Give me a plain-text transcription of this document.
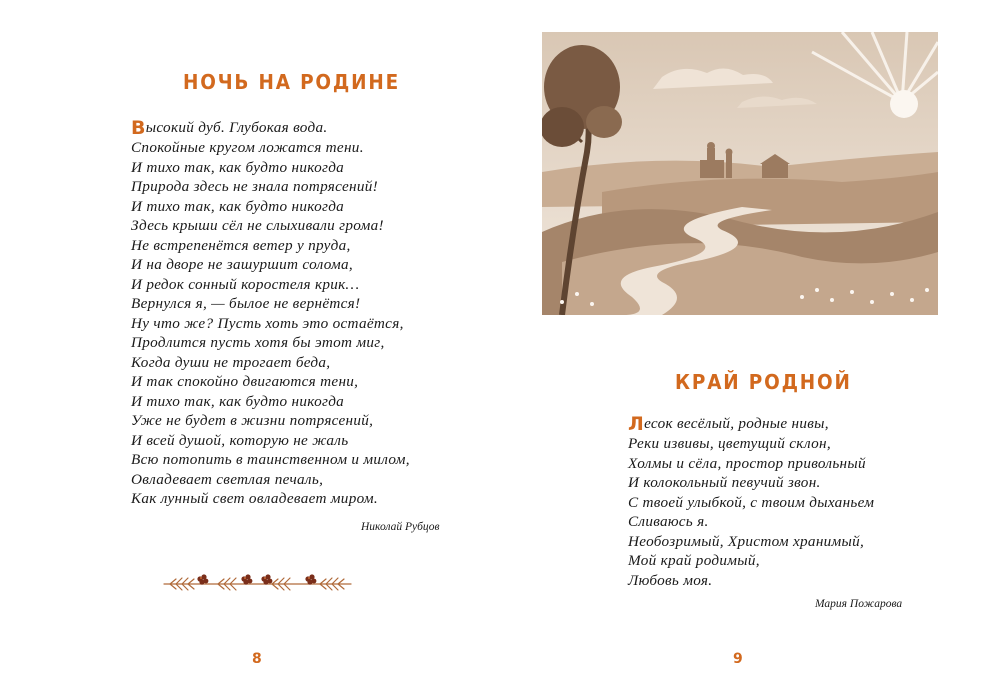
НОЧЬ НА РОДИНЕ
Высокий дуб. Глубокая вода.
Спокойные кругом ложатся тени.
И тихо так, как будто никогда
Природа здесь не знала потрясений!
И тихо так, как будто никогда
Здесь крыши сёл не слыхивали грома!
Не встрепенётся ветер у пруда,
И на дворе не зашуршит солома,
И редок сонный коростеля крик…
Вернулся я, — былое не вернётся!
Ну что же? Пусть хоть это остаётся,
Продлится пусть хотя бы этот миг,
Когда души не трогает беда,
И так спокойно двигаются тени,
И тихо так, как будто никогда
Уже не будет в жизни потрясений,
И всей душой, которую не жаль
Всю потопить в таинственном и милом,
Овладевает светлая печаль,
Как лунный свет овладевает миром.
Николай Рубцов
8
КРАЙ РОДНОЙ
Лесок весёлый, родные нивы,
Реки извивы, цветущий склон,
Холмы и сёла, простор привольный
И колокольный певучий звон.
С твоей улыбкой, с твоим дыханьем
Сливаюсь я.
Необозримый, Христом хранимый,
Мой край родимый,
Любовь моя.
Мария Пожарова
9
